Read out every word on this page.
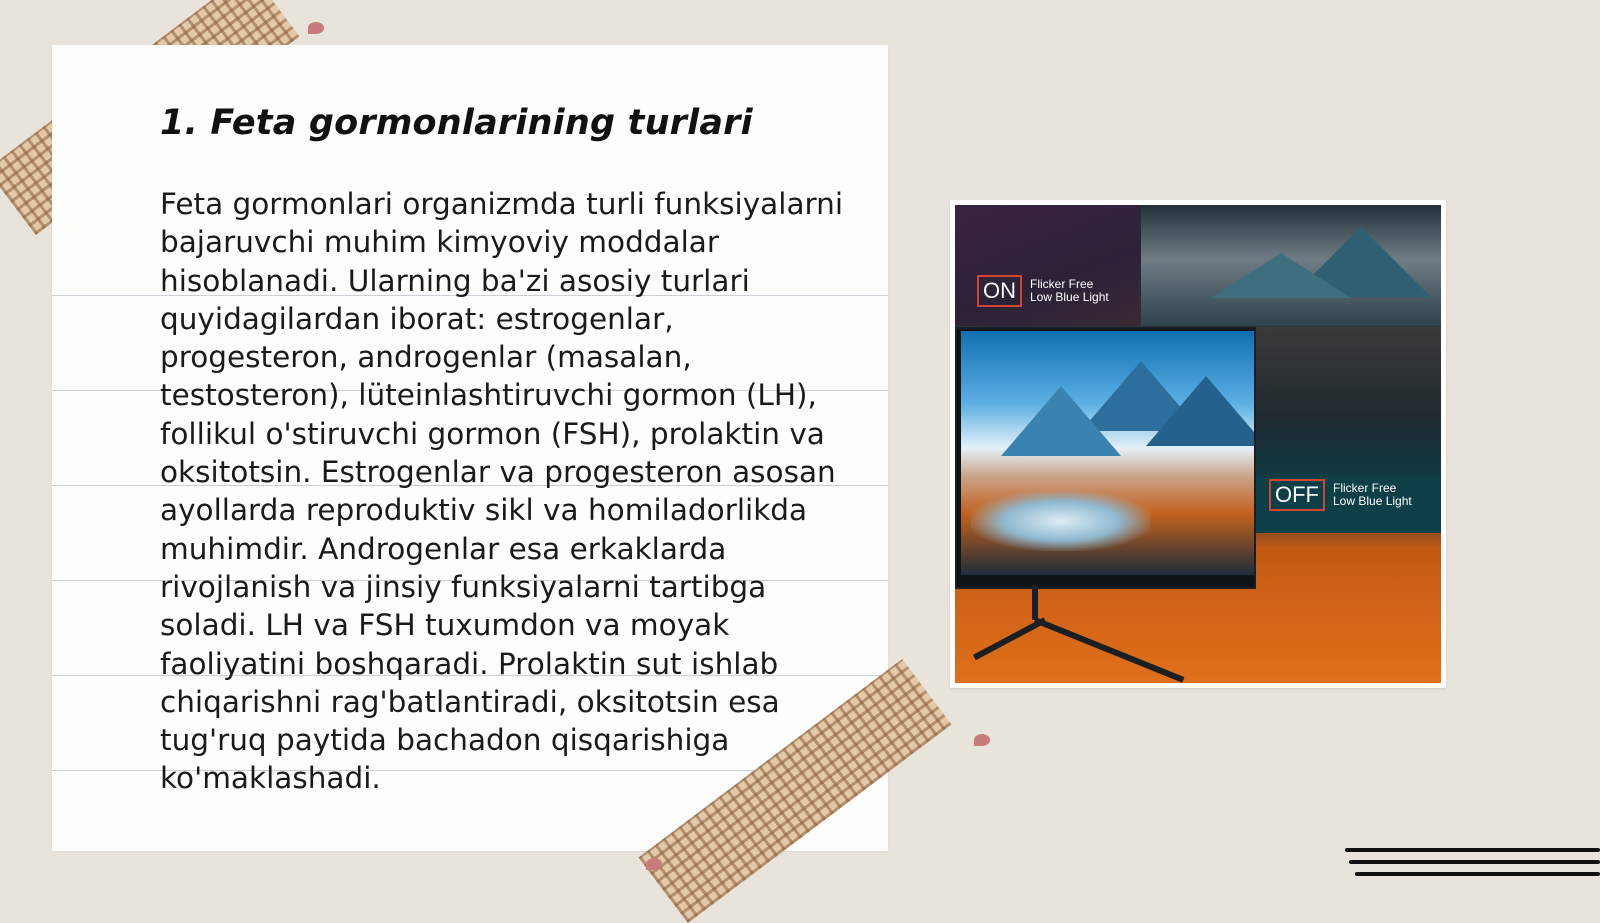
1. Feta gormonlarining turlari

Feta gormonlari organizmda turli funksiyalarni bajaruvchi muhim kimyoviy moddalar hisoblanadi. Ularning ba'zi asosiy turlari quyidagilardan iborat: estrogenlar, progesteron, androgenlar (masalan, testosteron), lüteinlashtiruvchi gormon (LH), follikul o'stiruvchi gormon (FSH), prolaktin va oksitotsin. Estrogenlar va progesteron asosan ayollarda reproduktiv sikl va homiladorlikda muhimdir. Androgenlar esa erkaklarda rivojlanish va jinsiy funksiyalarni tartibga soladi. LH va FSH tuxumdon va moyak faoliyatini boshqaradi. Prolaktin sut ishlab chiqarishni rag'batlantiradi, oksitotsin esa tug'ruq paytida bachadon qisqarishiga ko'maklashadi.

ON	Flicker Free
Low Blue Light
OFF	Flicker Free
Low Blue Light
